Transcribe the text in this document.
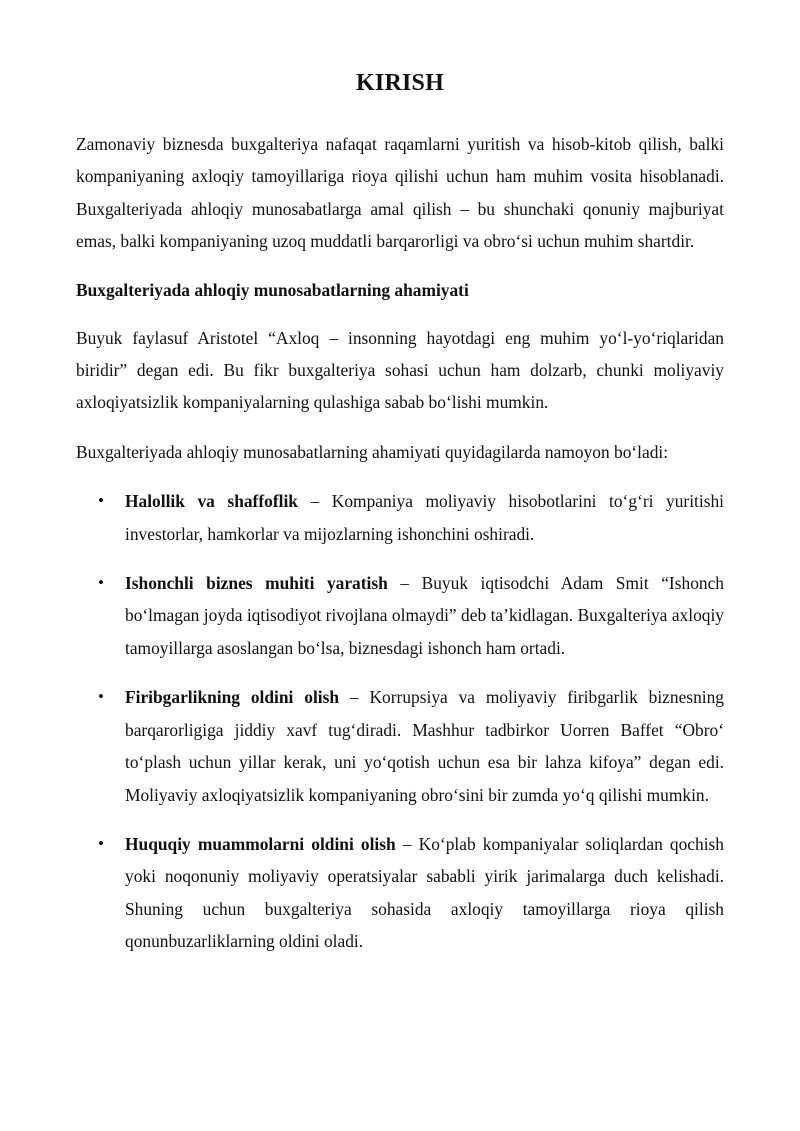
KIRISH

Zamonaviy biznesda buxgalteriya nafaqat raqamlarni yuritish va hisob-kitob qilish, balki kompaniyaning axloqiy tamoyillariga rioya qilishi uchun ham muhim vosita hisoblanadi. Buxgalteriyada ahloqiy munosabatlarga amal qilish – bu shunchaki qonuniy majburiyat emas, balki kompaniyaning uzoq muddatli barqarorligi va obro‘si uchun muhim shartdir.

Buxgalteriyada ahloqiy munosabatlarning ahamiyati

Buyuk faylasuf Aristotel “Axloq – insonning hayotdagi eng muhim yo‘l-yo‘riqlaridan biridir” degan edi. Bu fikr buxgalteriya sohasi uchun ham dolzarb, chunki moliyaviy axloqiyatsizlik kompaniyalarning qulashiga sabab bo‘lishi mumkin.

Buxgalteriyada ahloqiy munosabatlarning ahamiyati quyidagilarda namoyon bo‘ladi:

• Halollik va shaffoflik – Kompaniya moliyaviy hisobotlarini to‘g‘ri yuritishi investorlar, hamkorlar va mijozlarning ishonchini oshiradi.
• Ishonchli biznes muhiti yaratish – Buyuk iqtisodchi Adam Smit “Ishonch bo‘lmagan joyda iqtisodiyot rivojlana olmaydi” deb ta’kidlagan. Buxgalteriya axloqiy tamoyillarga asoslangan bo‘lsa, biznesdagi ishonch ham ortadi.
• Firibgarlikning oldini olish – Korrupsiya va moliyaviy firibgarlik biznesning barqarorligiga jiddiy xavf tug‘diradi. Mashhur tadbirkor Uorren Baffet “Obro‘ to‘plash uchun yillar kerak, uni yo‘qotish uchun esa bir lahza kifoya” degan edi. Moliyaviy axloqiyatsizlik kompaniyaning obro‘sini bir zumda yo‘q qilishi mumkin.
• Huquqiy muammolarni oldini olish – Ko‘plab kompaniyalar soliqlardan qochish yoki noqonuniy moliyaviy operatsiyalar sababli yirik jarimalarga duch kelishadi. Shuning uchun buxgalteriya sohasida axloqiy tamoyillarga rioya qilish qonunbuzarliklarning oldini oladi.
